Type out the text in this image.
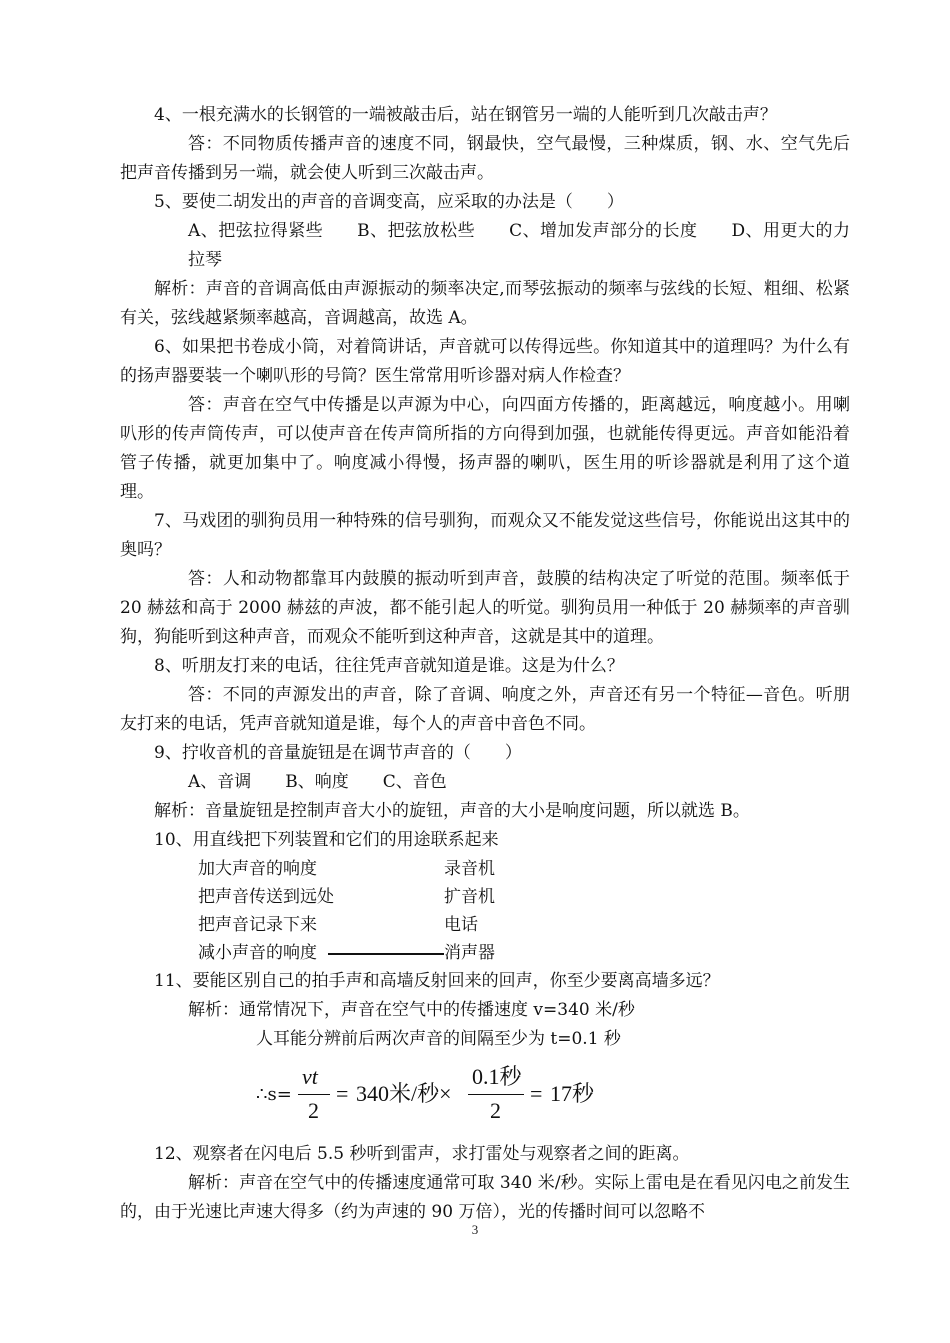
4、一根充满水的长钢管的一端被敲击后，站在钢管另一端的人能听到几次敲击声？

答：不同物质传播声音的速度不同，钢最快，空气最慢，三种煤质，钢、水、空气先后把声音传播到另一端，就会使人听到三次敲击声。

5、要使二胡发出的声音的音调变高，应采取的办法是（　　）

A、把弦拉得紧些 B、把弦放松些 C、增加发声部分的长度 D、用更大的力拉琴

解析：声音的音调高低由声源振动的频率决定,而琴弦振动的频率与弦线的长短、粗细、松紧有关，弦线越紧频率越高，音调越高，故选 A。

6、如果把书卷成小筒，对着筒讲话，声音就可以传得远些。你知道其中的道理吗？为什么有的扬声器要装一个喇叭形的号筒？医生常常用听诊器对病人作检查？

答：声音在空气中传播是以声源为中心，向四面方传播的，距离越远，响度越小。用喇叭形的传声筒传声，可以使声音在传声筒所指的方向得到加强，也就能传得更远。声音如能沿着管子传播，就更加集中了。响度减小得慢，扬声器的喇叭，医生用的听诊器就是利用了这个道理。

7、马戏团的驯狗员用一种特殊的信号驯狗，而观众又不能发觉这些信号，你能说出这其中的奥吗？

答：人和动物都靠耳内鼓膜的振动听到声音，鼓膜的结构决定了听觉的范围。频率低于 20 赫兹和高于 2000 赫兹的声波，都不能引起人的听觉。驯狗员用一种低于 20 赫频率的声音驯狗，狗能听到这种声音，而观众不能听到这种声音，这就是其中的道理。

8、听朋友打来的电话，往往凭声音就知道是谁。这是为什么？

答：不同的声源发出的声音，除了音调、响度之外，声音还有另一个特征—音色。听朋友打来的电话，凭声音就知道是谁，每个人的声音中音色不同。

9、拧收音机的音量旋钮是在调节声音的（　　）

A、音调 B、响度 C、音色

解析：音量旋钮是控制声音大小的旋钮，声音的大小是响度问题，所以就选 B。

10、用直线把下列装置和它们的用途联系起来

加大声音的响度	录音机
把声音传送到远处	扩音机
把声音记录下来	电话
减小声音的响度	消声器

11、要能区别自己的拍手声和高墙反射回来的回声，你至少要离高墙多远？

解析：通常情况下，声音在空气中的传播速度 v=340 米/秒

人耳能分辨前后两次声音的间隔至少为 t=0.1 秒

∴s=
vt
2
= 340米/秒×
0.1秒
2
= 17秒

12、观察者在闪电后 5.5 秒听到雷声，求打雷处与观察者之间的距离。

解析：声音在空气中的传播速度通常可取 340 米/秒。实际上雷电是在看见闪电之前发生的，由于光速比声速大得多（约为声速的 90 万倍），光的传播时间可以忽略不

3
